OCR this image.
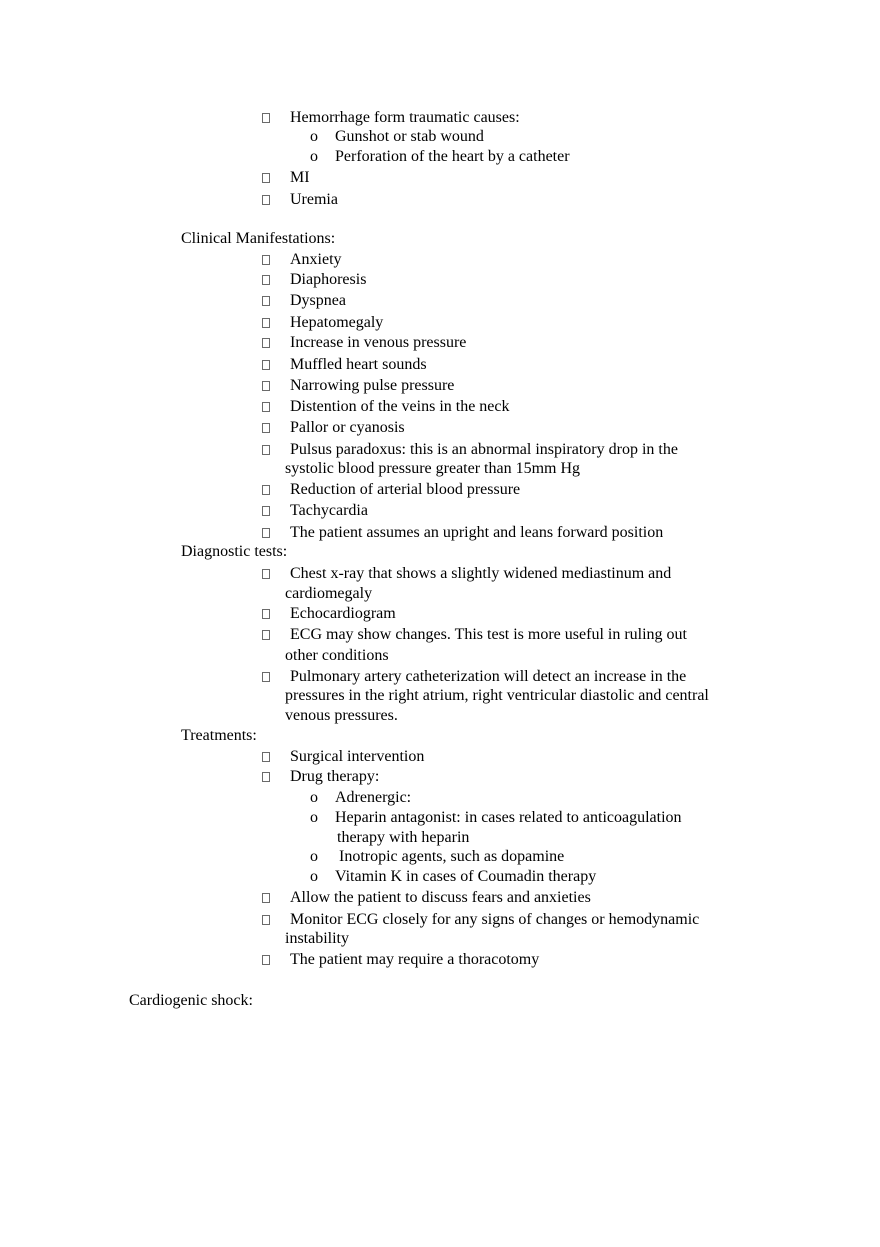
Hemorrhage form traumatic causes:
o Gunshot or stab wound
o Perforation of the heart by a catheter
MI
Uremia
Clinical Manifestations:
Anxiety
Diaphoresis
Dyspnea
Hepatomegaly
Increase in venous pressure
Muffled heart sounds
Narrowing pulse pressure
Distention of the veins in the neck
Pallor or cyanosis
Pulsus paradoxus: this is an abnormal inspiratory drop in the
systolic blood pressure greater than 15mm Hg
Reduction of arterial blood pressure
Tachycardia
The patient assumes an upright and leans forward position
Diagnostic tests:
Chest x-ray that shows a slightly widened mediastinum and
cardiomegaly
Echocardiogram
ECG may show changes. This test is more useful in ruling out
other conditions
Pulmonary artery catheterization will detect an increase in the
pressures in the right atrium, right ventricular diastolic and central
venous pressures.
Treatments:
Surgical intervention
Drug therapy:
o Adrenergic:
o Heparin antagonist: in cases related to anticoagulation
therapy with heparin
o Inotropic agents, such as dopamine
o Vitamin K in cases of Coumadin therapy
Allow the patient to discuss fears and anxieties
Monitor ECG closely for any signs of changes or hemodynamic
instability
The patient may require a thoracotomy
Cardiogenic shock:
